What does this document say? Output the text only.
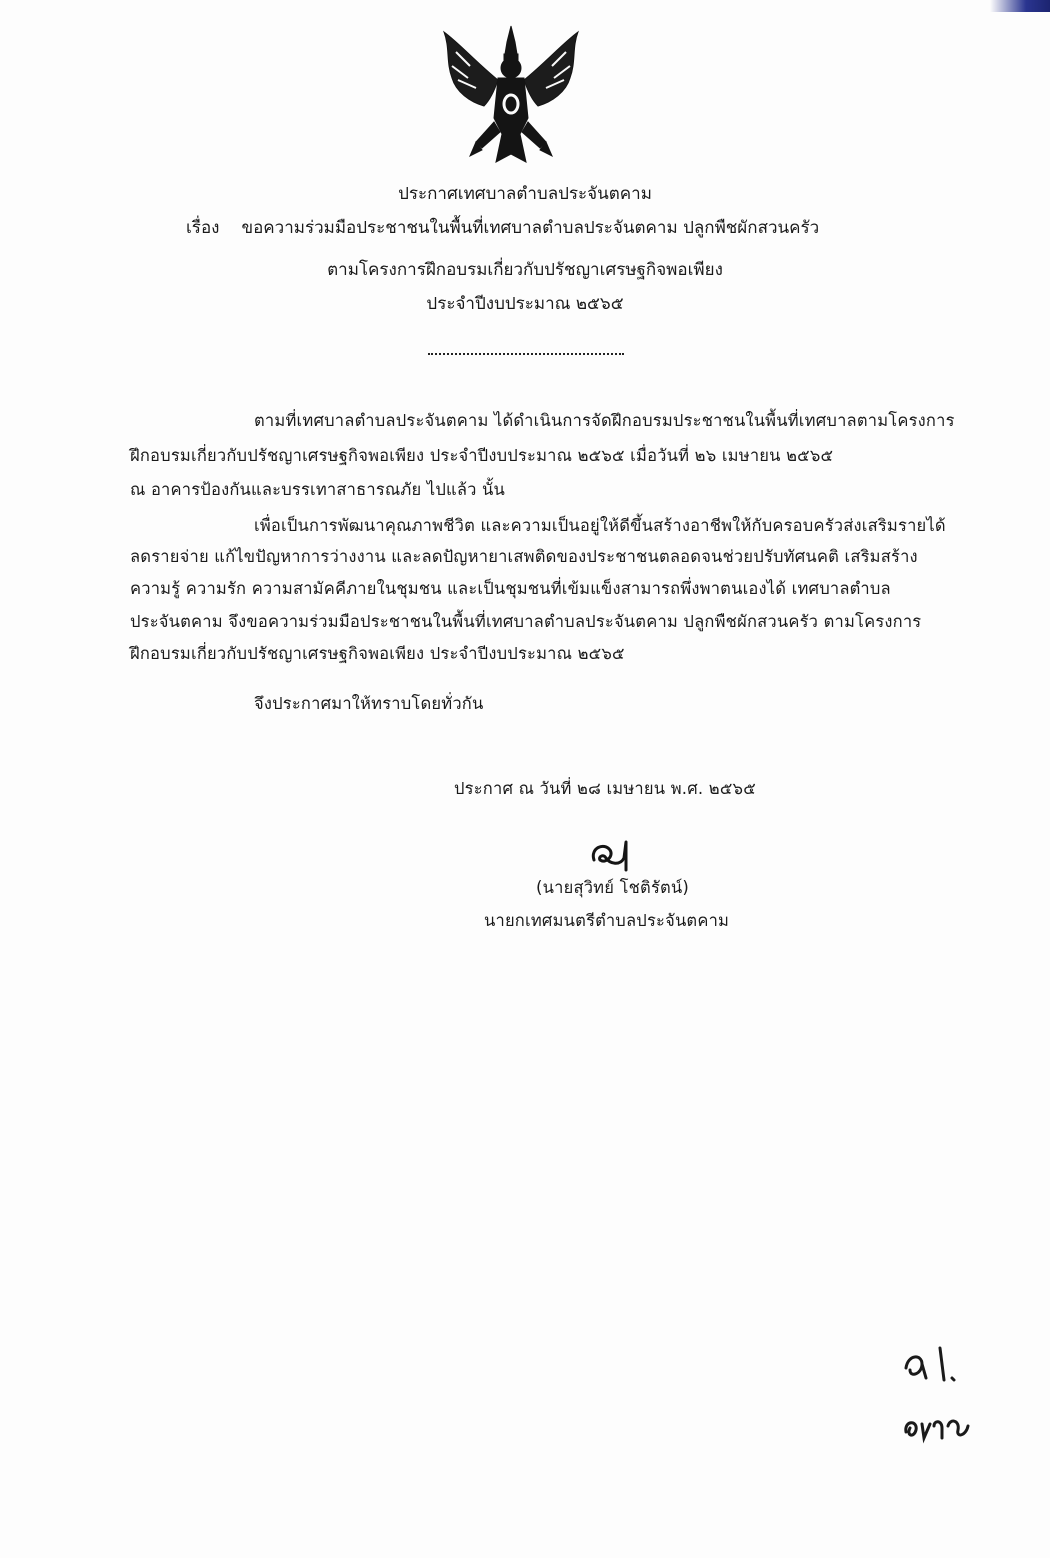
ประกาศเทศบาลตำบลประจันตคาม
เรื่อง ขอความร่วมมือประชาชนในพื้นที่เทศบาลตำบลประจันตคาม ปลูกพืชผักสวนครัว
ตามโครงการฝึกอบรมเกี่ยวกับปรัชญาเศรษฐกิจพอเพียง
ประจำปีงบประมาณ ๒๕๖๕
ตามที่เทศบาลตำบลประจันตคาม ได้ดำเนินการจัดฝึกอบรมประชาชนในพื้นที่เทศบาลตามโครงการ
ฝึกอบรมเกี่ยวกับปรัชญาเศรษฐกิจพอเพียง ประจำปีงบประมาณ ๒๕๖๕ เมื่อวันที่ ๒๖ เมษายน ๒๕๖๕
ณ อาคารป้องกันและบรรเทาสาธารณภัย ไปแล้ว นั้น
เพื่อเป็นการพัฒนาคุณภาพชีวิต และความเป็นอยู่ให้ดีขึ้นสร้างอาชีพให้กับครอบครัวส่งเสริมรายได้
ลดรายจ่าย แก้ไขปัญหาการว่างงาน และลดปัญหายาเสพติดของประชาชนตลอดจนช่วยปรับทัศนคติ เสริมสร้าง
ความรู้ ความรัก ความสามัคคีภายในชุมชน และเป็นชุมชนที่เข้มแข็งสามารถพึ่งพาตนเองได้ เทศบาลตำบล
ประจันตคาม จึงขอความร่วมมือประชาชนในพื้นที่เทศบาลตำบลประจันตคาม ปลูกพืชผักสวนครัว ตามโครงการ
ฝึกอบรมเกี่ยวกับปรัชญาเศรษฐกิจพอเพียง ประจำปีงบประมาณ ๒๕๖๕
จึงประกาศมาให้ทราบโดยทั่วกัน
ประกาศ ณ วันที่ ๒๘ เมษายน พ.ศ. ๒๕๖๕
(นายสุวิทย์ โชติรัตน์)
นายกเทศมนตรีตำบลประจันตคาม
